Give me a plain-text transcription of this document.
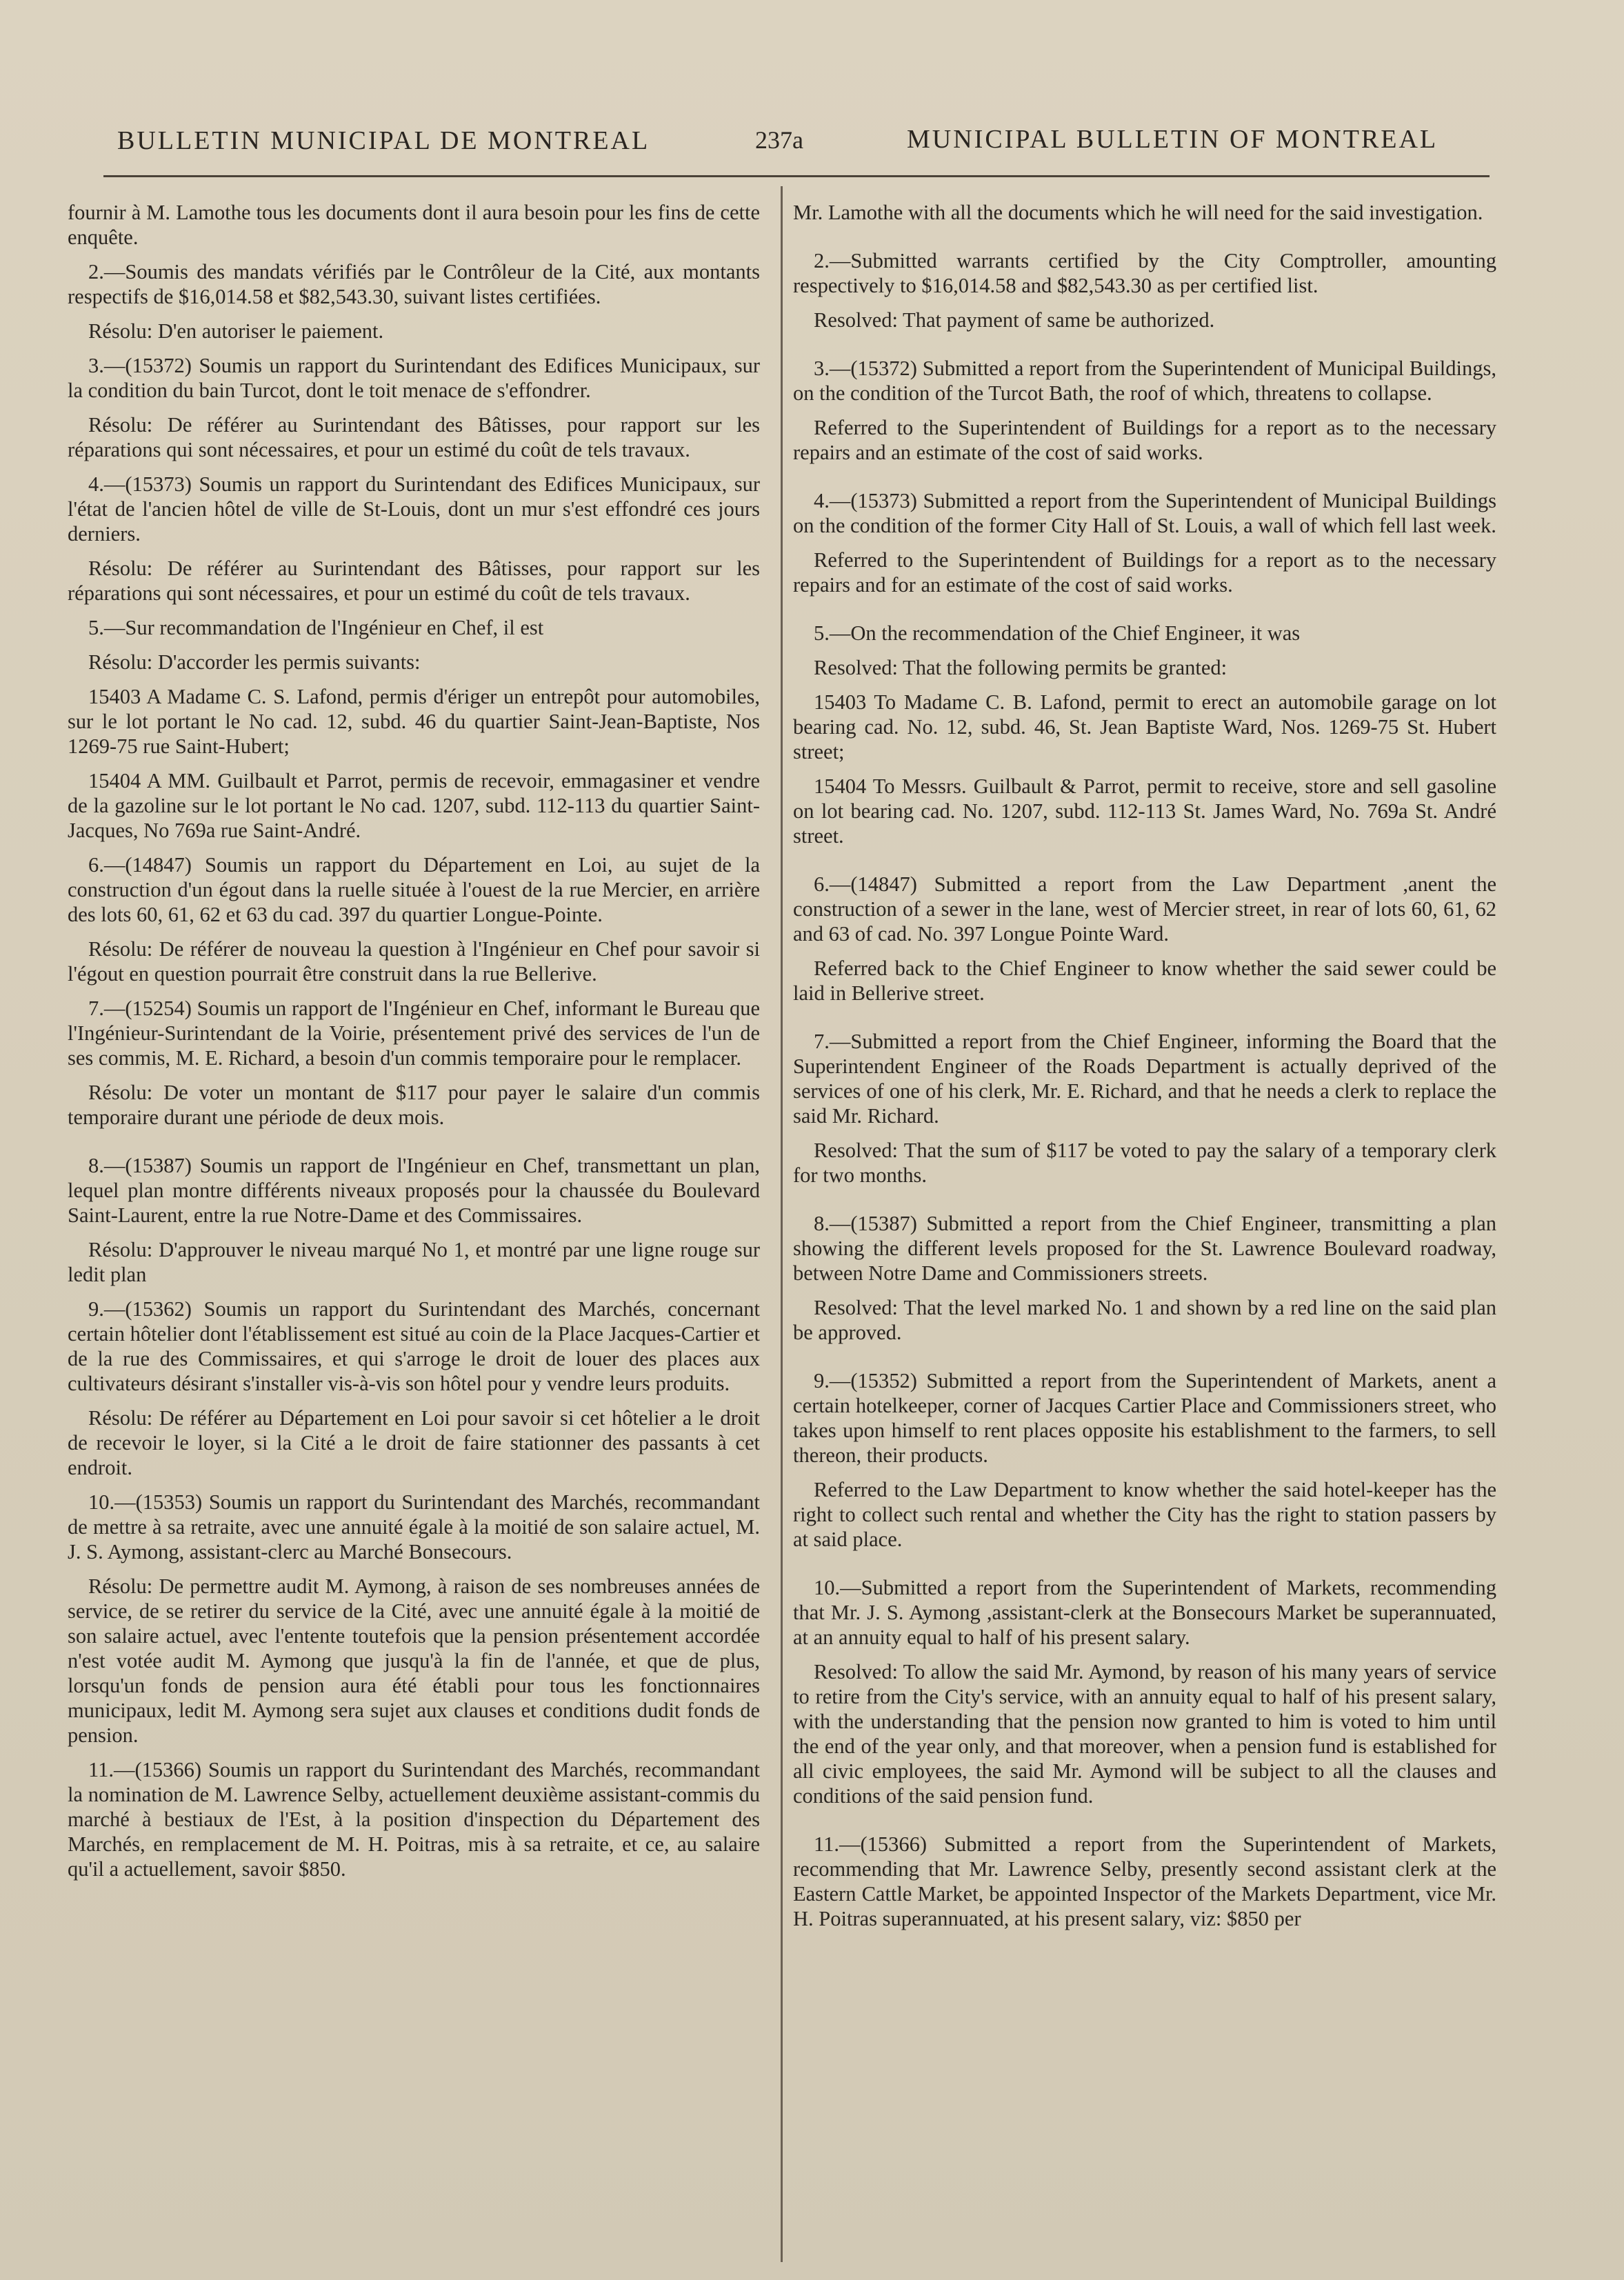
BULLETIN MUNICIPAL DE MONTREAL	237a	MUNICIPAL BULLETIN OF MONTREAL

fournir à M. Lamothe tous les documents dont il aura besoin pour les fins de cette enquête.

2.—Soumis des mandats vérifiés par le Contrôleur de la Cité, aux montants respectifs de $16,014.58 et $82,543.30, suivant listes certifiées.

Résolu: D'en autoriser le paiement.

3.—(15372) Soumis un rapport du Surintendant des Edifices Municipaux, sur la condition du bain Turcot, dont le toit menace de s'effondrer.

Résolu: De référer au Surintendant des Bâtisses, pour rapport sur les réparations qui sont nécessaires, et pour un estimé du coût de tels travaux.

4.—(15373) Soumis un rapport du Surintendant des Edifices Municipaux, sur l'état de l'ancien hôtel de ville de St-Louis, dont un mur s'est effondré ces jours derniers.

Résolu: De référer au Surintendant des Bâtisses, pour rapport sur les réparations qui sont nécessaires, et pour un estimé du coût de tels travaux.

5.—Sur recommandation de l'Ingénieur en Chef, il est

Résolu: D'accorder les permis suivants:

15403 A Madame C. S. Lafond, permis d'ériger un entrepôt pour automobiles, sur le lot portant le No cad. 12, subd. 46 du quartier Saint-Jean-Baptiste, Nos 1269-75 rue Saint-Hubert;

15404 A MM. Guilbault et Parrot, permis de recevoir, emmagasiner et vendre de la gazoline sur le lot portant le No cad. 1207, subd. 112-113 du quartier Saint-Jacques, No 769a rue Saint-André.

6.—(14847) Soumis un rapport du Département en Loi, au sujet de la construction d'un égout dans la ruelle située à l'ouest de la rue Mercier, en arrière des lots 60, 61, 62 et 63 du cad. 397 du quartier Longue-Pointe.

Résolu: De référer de nouveau la question à l'Ingénieur en Chef pour savoir si l'égout en question pourrait être construit dans la rue Bellerive.

7.—(15254) Soumis un rapport de l'Ingénieur en Chef, informant le Bureau que l'Ingénieur-Surintendant de la Voirie, présentement privé des services de l'un de ses commis, M. E. Richard, a besoin d'un commis temporaire pour le remplacer.

Résolu: De voter un montant de $117 pour payer le salaire d'un commis temporaire durant une période de deux mois.

8.—(15387) Soumis un rapport de l'Ingénieur en Chef, transmettant un plan, lequel plan montre différents niveaux proposés pour la chaussée du Boulevard Saint-Laurent, entre la rue Notre-Dame et des Commissaires.

Résolu: D'approuver le niveau marqué No 1, et montré par une ligne rouge sur ledit plan

9.—(15362) Soumis un rapport du Surintendant des Marchés, concernant certain hôtelier dont l'établissement est situé au coin de la Place Jacques-Cartier et de la rue des Commissaires, et qui s'arroge le droit de louer des places aux cultivateurs désirant s'installer vis-à-vis son hôtel pour y vendre leurs produits.

Résolu: De référer au Département en Loi pour savoir si cet hôtelier a le droit de recevoir le loyer, si la Cité a le droit de faire stationner des passants à cet endroit.

10.—(15353) Soumis un rapport du Surintendant des Marchés, recommandant de mettre à sa retraite, avec une annuité égale à la moitié de son salaire actuel, M. J. S. Aymong, assistant-clerc au Marché Bonsecours.

Résolu: De permettre audit M. Aymong, à raison de ses nombreuses années de service, de se retirer du service de la Cité, avec une annuité égale à la moitié de son salaire actuel, avec l'entente toutefois que la pension présentement accordée n'est votée audit M. Aymong que jusqu'à la fin de l'année, et que de plus, lorsqu'un fonds de pension aura été établi pour tous les fonctionnaires municipaux, ledit M. Aymong sera sujet aux clauses et conditions dudit fonds de pension.

11.—(15366) Soumis un rapport du Surintendant des Marchés, recommandant la nomination de M. Lawrence Selby, actuellement deuxième assistant-commis du marché à bestiaux de l'Est, à la position d'inspection du Département des Marchés, en remplacement de M. H. Poitras, mis à sa retraite, et ce, au salaire qu'il a actuellement, savoir $850.

Mr. Lamothe with all the documents which he will need for the said investigation.

2.—Submitted warrants certified by the City Comptroller, amounting respectively to $16,014.58 and $82,543.30 as per certified list.

Resolved: That payment of same be authorized.

3.—(15372) Submitted a report from the Superintendent of Municipal Buildings, on the condition of the Turcot Bath, the roof of which, threatens to collapse.

Referred to the Superintendent of Buildings for a report as to the necessary repairs and an estimate of the cost of said works.

4.—(15373) Submitted a report from the Superintendent of Municipal Buildings on the condition of the former City Hall of St. Louis, a wall of which fell last week.

Referred to the Superintendent of Buildings for a report as to the necessary repairs and for an estimate of the cost of said works.

5.—On the recommendation of the Chief Engineer, it was

Resolved: That the following permits be granted:

15403 To Madame C. B. Lafond, permit to erect an automobile garage on lot bearing cad. No. 12, subd. 46, St. Jean Baptiste Ward, Nos. 1269-75 St. Hubert street;

15404 To Messrs. Guilbault & Parrot, permit to receive, store and sell gasoline on lot bearing cad. No. 1207, subd. 112-113 St. James Ward, No. 769a St. André street.

6.—(14847) Submitted a report from the Law Department ,anent the construction of a sewer in the lane, west of Mercier street, in rear of lots 60, 61, 62 and 63 of cad. No. 397 Longue Pointe Ward.

Referred back to the Chief Engineer to know whether the said sewer could be laid in Bellerive street.

7.—Submitted a report from the Chief Engineer, informing the Board that the Superintendent Engineer of the Roads Department is actually deprived of the services of one of his clerk, Mr. E. Richard, and that he needs a clerk to replace the said Mr. Richard.

Resolved: That the sum of $117 be voted to pay the salary of a temporary clerk for two months.

8.—(15387) Submitted a report from the Chief Engineer, transmitting a plan showing the different levels proposed for the St. Lawrence Boulevard roadway, between Notre Dame and Commissioners streets.

Resolved: That the level marked No. 1 and shown by a red line on the said plan be approved.

9.—(15352) Submitted a report from the Superintendent of Markets, anent a certain hotelkeeper, corner of Jacques Cartier Place and Commissioners street, who takes upon himself to rent places opposite his establishment to the farmers, to sell thereon, their products.

Referred to the Law Department to know whether the said hotel-keeper has the right to collect such rental and whether the City has the right to station passers by at said place.

10.—Submitted a report from the Superintendent of Markets, recommending that Mr. J. S. Aymong ,assistant-clerk at the Bonsecours Market be superannuated, at an annuity equal to half of his present salary.

Resolved: To allow the said Mr. Aymond, by reason of his many years of service to retire from the City's service, with an annuity equal to half of his present salary, with the understanding that the pension now granted to him is voted to him until the end of the year only, and that moreover, when a pension fund is established for all civic employees, the said Mr. Aymond will be subject to all the clauses and conditions of the said pension fund.

11.—(15366) Submitted a report from the Superintendent of Markets, recommending that Mr. Lawrence Selby, presently second assistant clerk at the Eastern Cattle Market, be appointed Inspector of the Markets Department, vice Mr. H. Poitras superannuated, at his present salary, viz: $850 per
